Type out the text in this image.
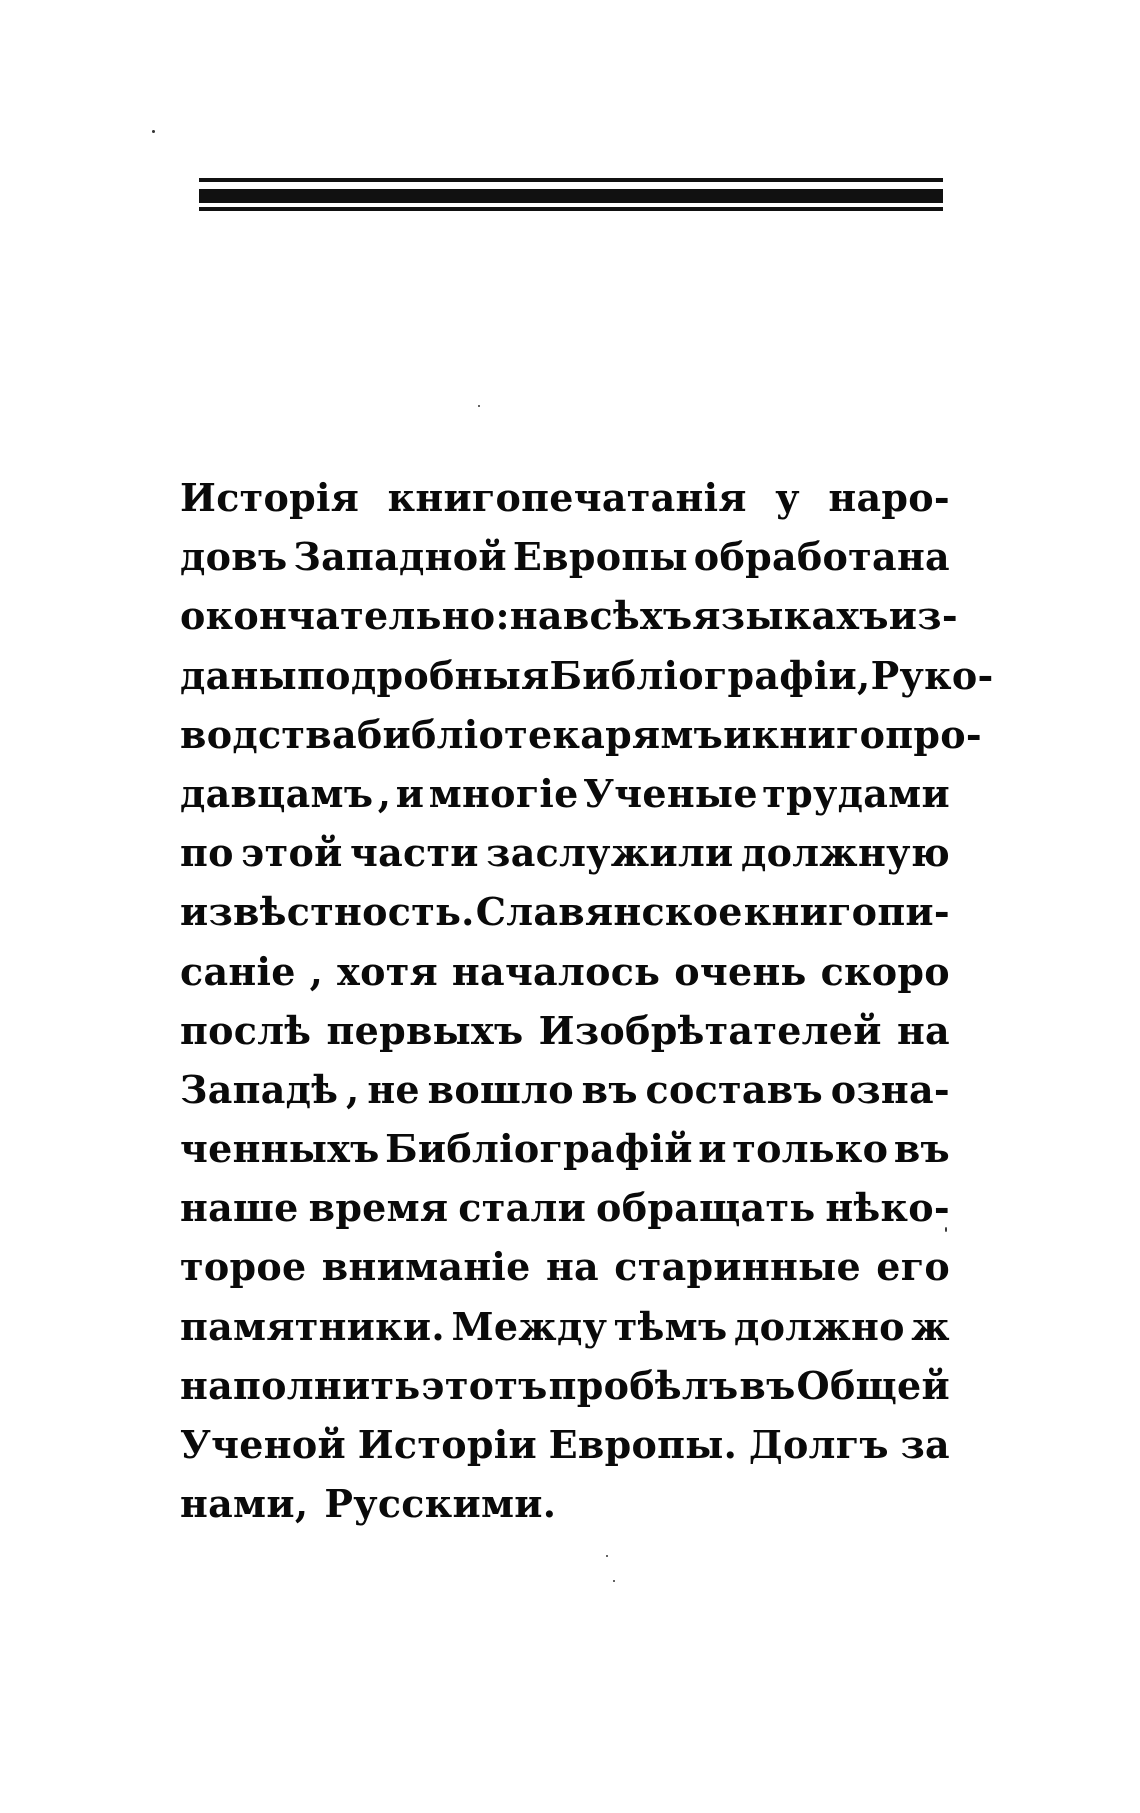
Исторія книгопечатанія у наро-
довъ Западной Европы обработана
окончательно: на всѣхъ языкахъ из-
даны подробныя Библіографіи, Руко-
водства библіотекарямъ и книгопро-
давцамъ , и многіе Ученые трудами
по этой части заслужили должную
извѣстность. Славянское книгопи-
саніе , хотя началось очень скоро
послѣ первыхъ Изобрѣтателей на
Западѣ , не вошло въ составъ озна-
ченныхъ Библіографій и только въ
наше время стали обращать нѣко-
торое вниманіе на старинные его
памятники. Между тѣмъ должно ж
наполнить этотъ пробѣлъ въ Общей
Ученой Исторіи Европы. Долгъ за
нами, Русскими.
